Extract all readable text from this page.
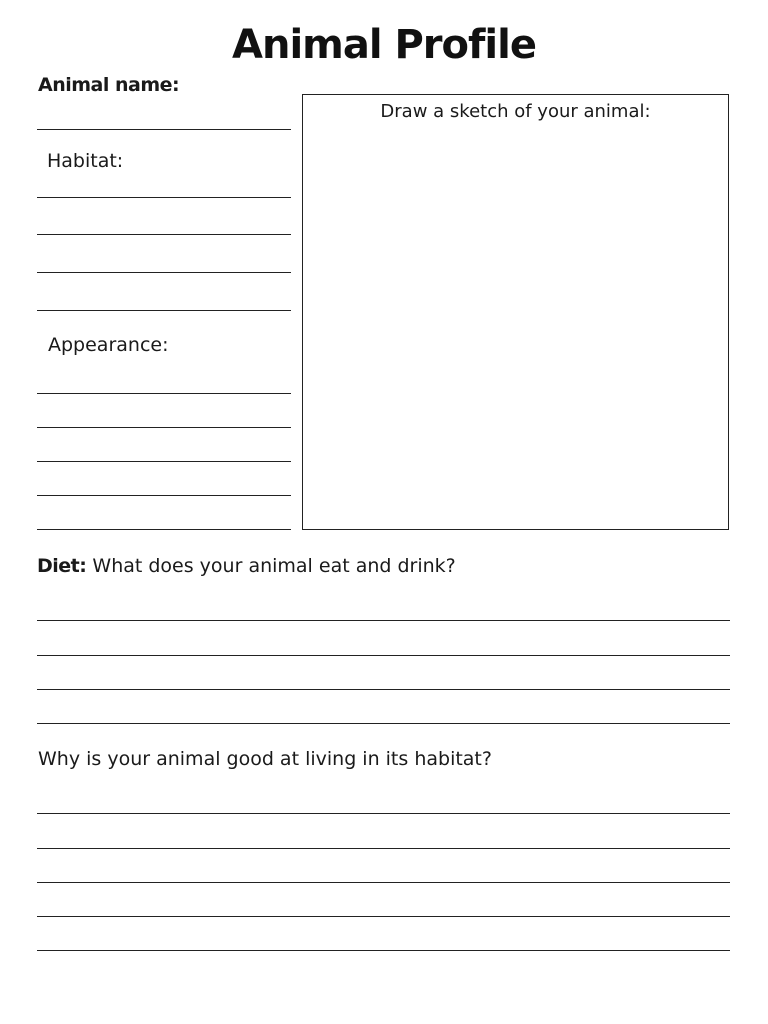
Animal Profile
Animal name:
Habitat:
Appearance:
Draw a sketch of your animal:
Diet: What does your animal eat and drink?
Why is your animal good at living in its habitat?
